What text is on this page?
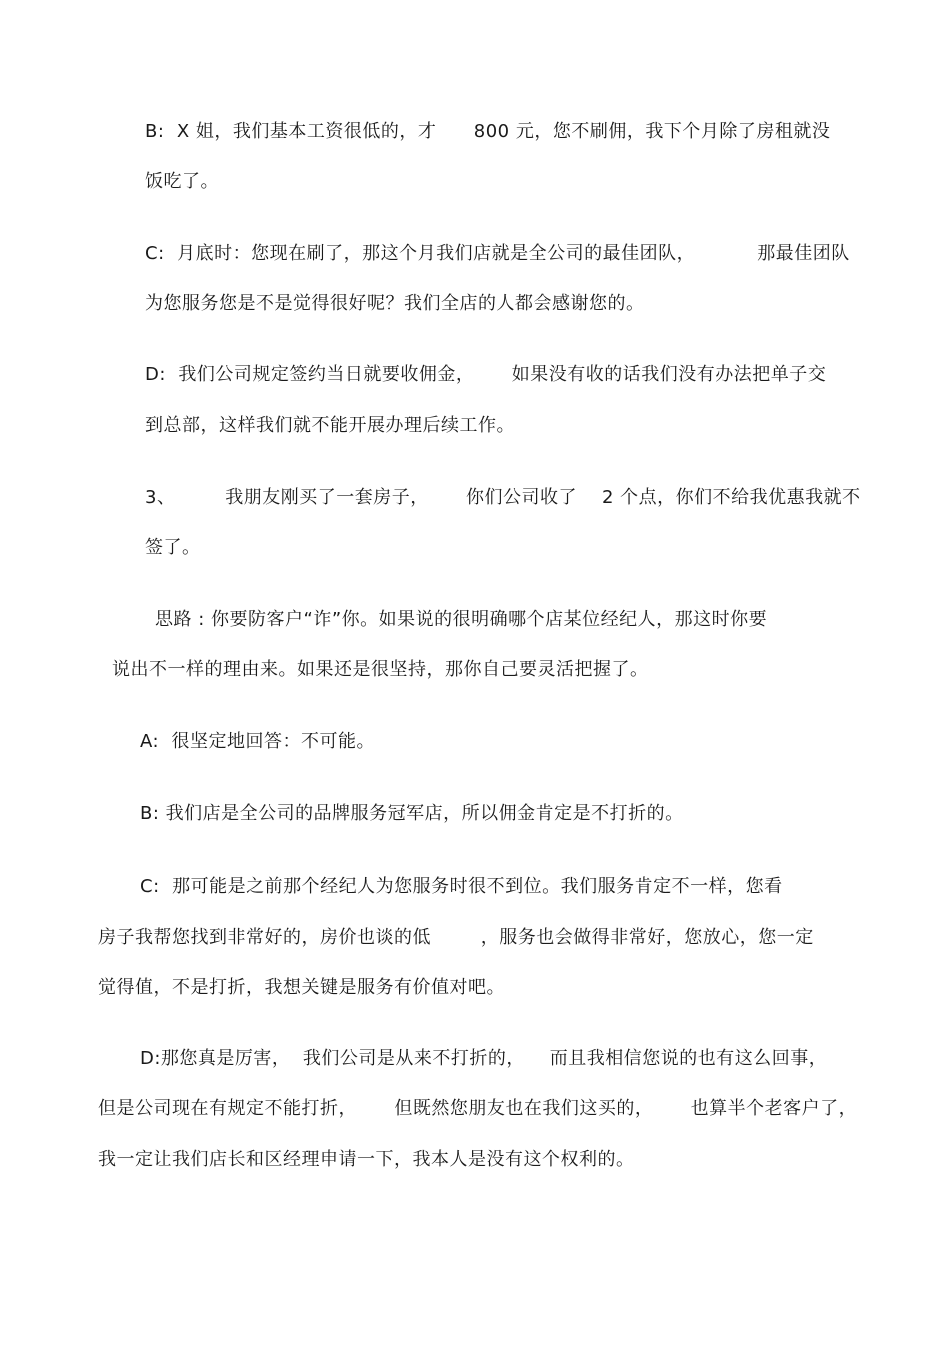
B:  X 姐，我们基本工资很低的，才      800 元，您不刷佣，我下个月除了房租就没
饭吃了。
C:  月底时：您现在刷了，那这个月我们店就是全公司的最佳团队，          那最佳团队
为您服务您是不是觉得很好呢？我们全店的人都会感谢您的。
D:  我们公司规定签约当日就要收佣金，      如果没有收的话我们没有办法把单子交
到总部，这样我们就不能开展办理后续工作。
3、        我朋友刚买了一套房子，      你们公司收了    2 个点，你们不给我优惠我就不
签了。
思路 : 你要防客户“诈”你。如果说的很明确哪个店某位经纪人，那这时你要
说出不一样的理由来。如果还是很坚持，那你自己要灵活把握了。
A:  很坚定地回答：不可能。
B: 我们店是全公司的品牌服务冠军店，所以佣金肯定是不打折的。
C:  那可能是之前那个经纪人为您服务时很不到位。我们服务肯定不一样，您看
房子我帮您找到非常好的，房价也谈的低        ，服务也会做得非常好，您放心，您一定
觉得值，不是打折，我想关键是服务有价值对吧。
D:那您真是厉害，  我们公司是从来不打折的，    而且我相信您说的也有这么回事，
但是公司现在有规定不能打折，      但既然您朋友也在我们这买的，      也算半个老客户了，
我一定让我们店长和区经理申请一下，我本人是没有这个权利的。
